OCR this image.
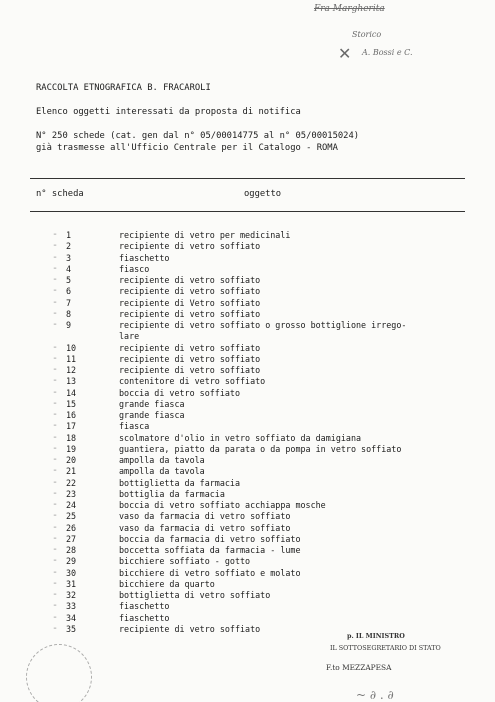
Fra Margherita
Storico
A. Bossi e C.
✕
RACCOLTA ETNOGRAFICA B. FRACAROLI
Elenco oggetti interessati da proposta di notifica
N° 250 schede (cat. gen dal n° 05/00014775 al n° 05/00015024)
già trasmesse all'Ufficio Centrale per il Catalogo - ROMA
n° scheda	oggetto
- 1	recipiente di vetro per medicinali
- 2	recipiente di vetro soffiato
- 3	fiaschetto
- 4	fiasco
- 5	recipiente di vetro soffiato
- 6	recipiente di vetro soffiato
- 7	recipiente di Vetro soffiato
- 8	recipiente di vetro soffiato
- 9	recipiente di vetro soffiato o grosso bottiglione irrego-
lare
- 10	recipiente di vetro soffiato
- 11	recipiente di vetro soffiato
- 12	recipiente di vetro soffiato
- 13	contenitore di vetro soffiato
- 14	boccia di vetro soffiato
- 15	grande fiasca
- 16	grande fiasca
- 17	fiasca
- 18	scolmatore d'olio in vetro soffiato da damigiana
- 19	guantiera, piatto da parata o da pompa in vetro soffiato
- 20	ampolla da tavola
- 21	ampolla da tavola
- 22	bottiglietta da farmacia
- 23	bottiglia da farmacia
- 24	boccia di vetro soffiato acchiappa mosche
- 25	vaso da farmacia di vetro soffiato
- 26	vaso da farmacia di vetro soffiato
- 27	boccia da farmacia di vetro soffiato
- 28	boccetta soffiata da farmacia - lume
- 29	bicchiere soffiato - gotto
- 30	bicchiere di vetro soffiato e molato
- 31	bicchiere da quarto
- 32	bottiglietta di vetro soffiato
- 33	fiaschetto
- 34	fiaschetto
- 35	recipiente di vetro soffiato
p. IL MINISTRO
IL SOTTOSEGRETARIO DI STATO
F.to MEZZAPESA
~ ∂ . ∂
